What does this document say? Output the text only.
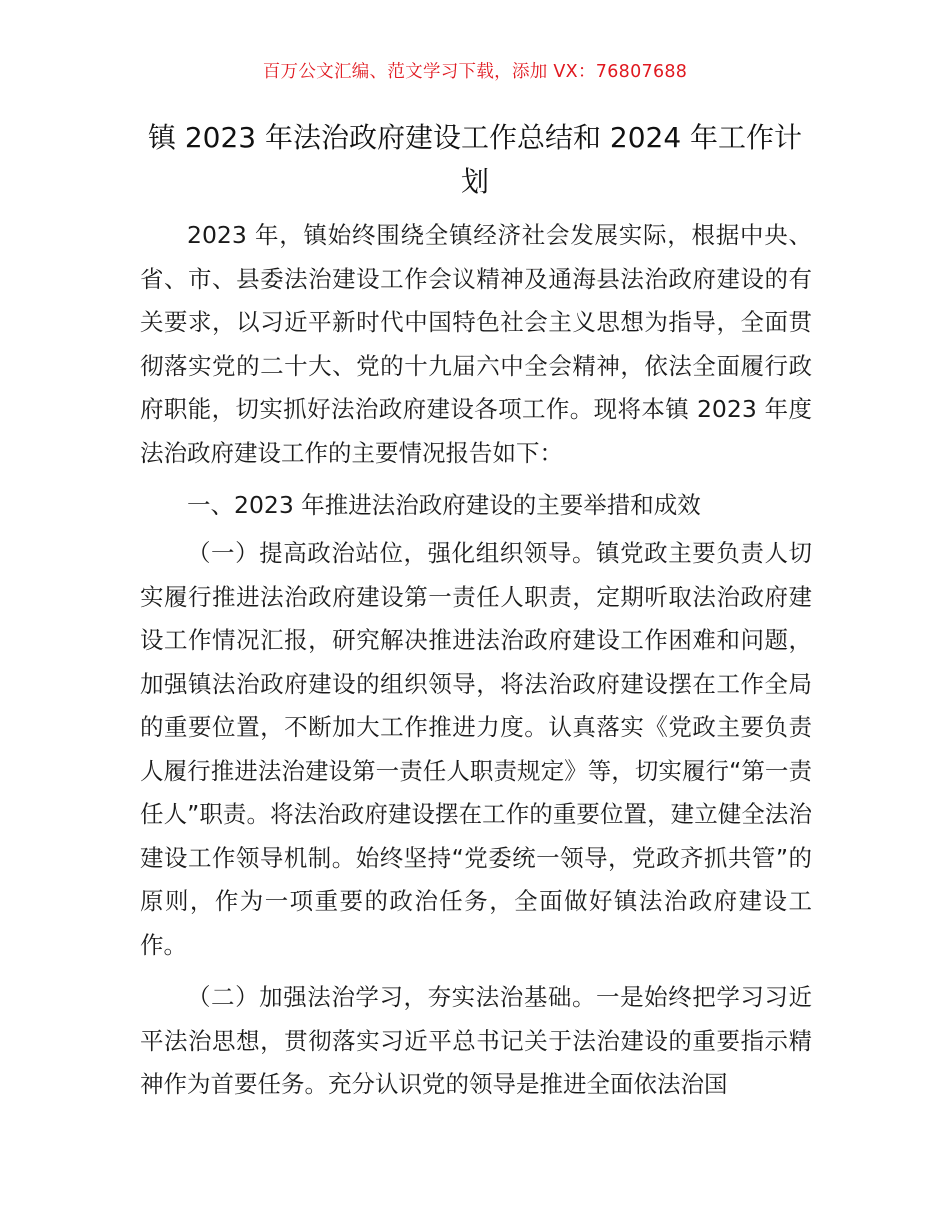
百万公文汇编、范文学习下载，添加 VX：76807688
镇 2023 年法治政府建设工作总结和 2024 年工作计划

2023 年，镇始终围绕全镇经济社会发展实际，根据中央、省、市、县委法治建设工作会议精神及通海县法治政府建设的有关要求，以习近平新时代中国特色社会主义思想为指导，全面贯彻落实党的二十大、党的十九届六中全会精神，依法全面履行政府职能，切实抓好法治政府建设各项工作。现将本镇 2023 年度法治政府建设工作的主要情况报告如下：

一、2023 年推进法治政府建设的主要举措和成效

（一）提高政治站位，强化组织领导。镇党政主要负责人切实履行推进法治政府建设第一责任人职责，定期听取法治政府建设工作情况汇报，研究解决推进法治政府建设工作困难和问题，加强镇法治政府建设的组织领导，将法治政府建设摆在工作全局的重要位置，不断加大工作推进力度。认真落实《党政主要负责人履行推进法治建设第一责任人职责规定》等，切实履行“第一责任人”职责。将法治政府建设摆在工作的重要位置，建立健全法治建设工作领导机制。始终坚持“党委统一领导，党政齐抓共管”的原则，作为一项重要的政治任务，全面做好镇法治政府建设工作。

（二）加强法治学习，夯实法治基础。一是始终把学习习近平法治思想，贯彻落实习近平总书记关于法治建设的重要指示精神作为首要任务。充分认识党的领导是推进全面依法治国
